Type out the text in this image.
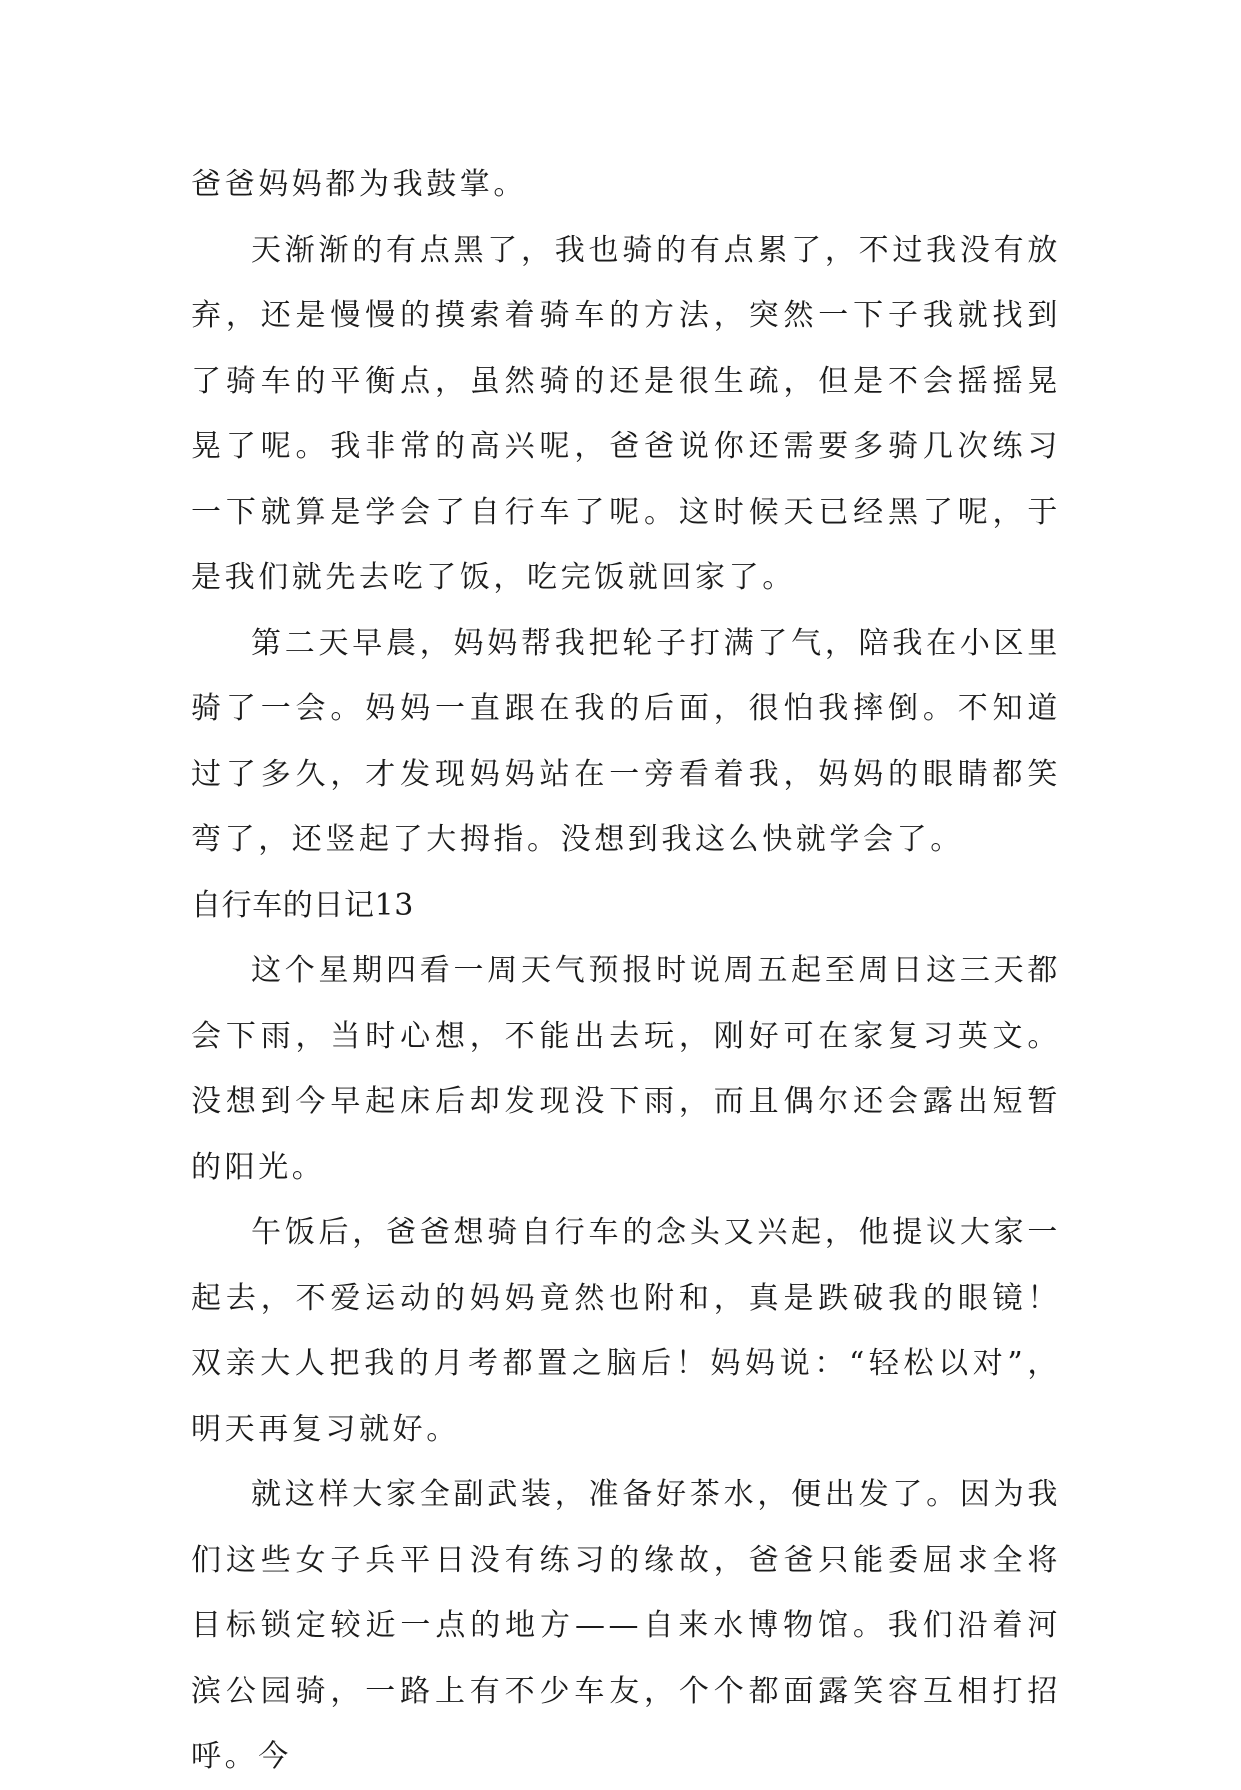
爸爸妈妈都为我鼓掌。

天渐渐的有点黑了，我也骑的有点累了，不过我没有放弃，还是慢慢的摸索着骑车的方法，突然一下子我就找到了骑车的平衡点，虽然骑的还是很生疏，但是不会摇摇晃晃了呢。我非常的高兴呢，爸爸说你还需要多骑几次练习一下就算是学会了自行车了呢。这时候天已经黑了呢，于是我们就先去吃了饭，吃完饭就回家了。

第二天早晨，妈妈帮我把轮子打满了气，陪我在小区里骑了一会。妈妈一直跟在我的后面，很怕我摔倒。不知道过了多久，才发现妈妈站在一旁看着我，妈妈的眼睛都笑弯了，还竖起了大拇指。没想到我这么快就学会了。

自行车的日记13

这个星期四看一周天气预报时说周五起至周日这三天都会下雨，当时心想，不能出去玩，刚好可在家复习英文。没想到今早起床后却发现没下雨，而且偶尔还会露出短暂的阳光。

午饭后，爸爸想骑自行车的念头又兴起，他提议大家一起去，不爱运动的妈妈竟然也附和，真是跌破我的眼镜！双亲大人把我的月考都置之脑后！妈妈说：“轻松以对”，明天再复习就好。

就这样大家全副武装，准备好茶水，便出发了。因为我们这些女子兵平日没有练习的缘故，爸爸只能委屈求全将目标锁定较近一点的地方——自来水博物馆。我们沿着河滨公园骑，一路上有不少车友，个个都面露笑容互相打招呼。今
